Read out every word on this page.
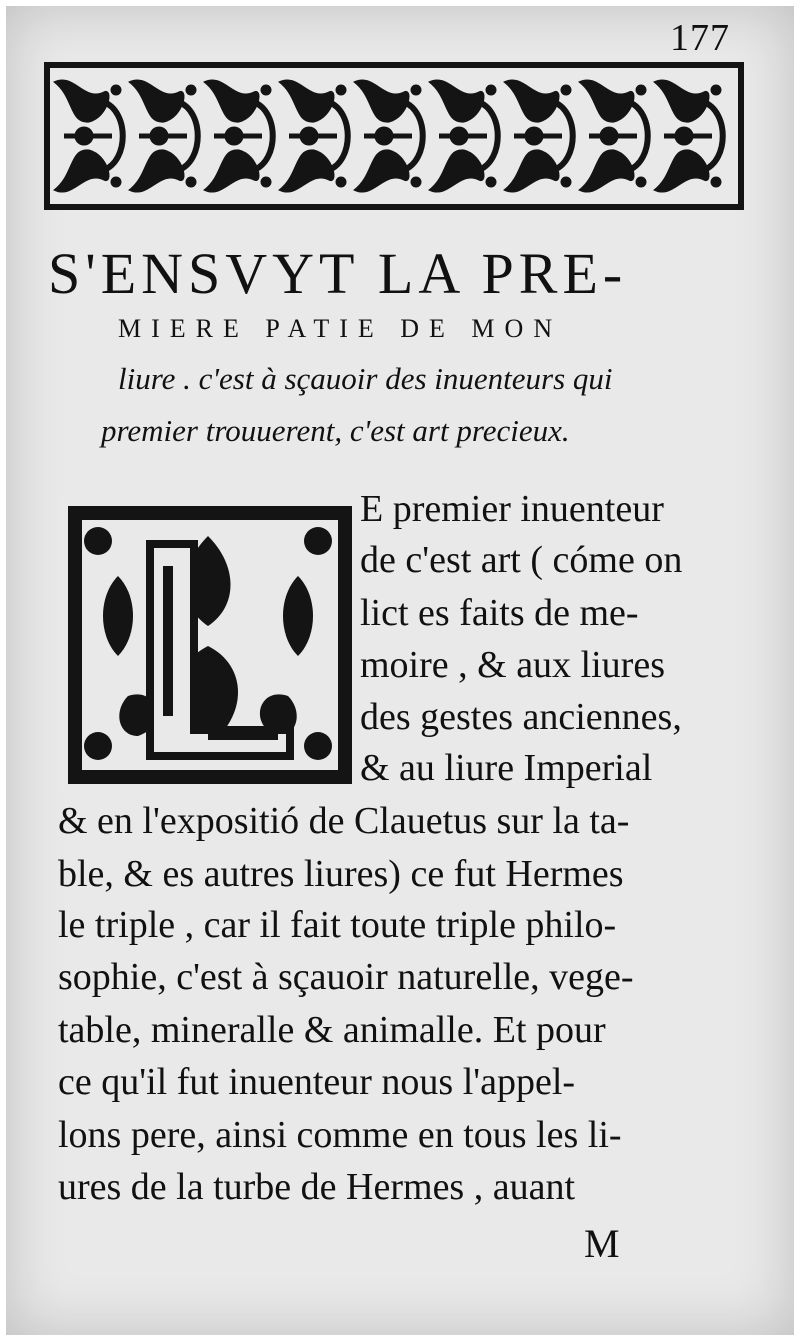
177
S'ENSVYT LA PRE-
MIERE PATIE DE MON
liure . c'est à sçauoir des inuenteurs qui
premier trouuerent, c'est art precieux.
E premier inuenteur
de c'est art ( cóme on
lict es faits de me-
moire , & aux liures
des gestes anciennes,
& au liure Imperial
& en l'expositió de Clauetus sur la ta-
ble, & es autres liures) ce fut Hermes
le triple , car il fait toute triple philo-
sophie, c'est à sçauoir naturelle, vege-
table, mineralle & animalle. Et pour
ce qu'il fut inuenteur nous l'appel-
lons pere, ainsi comme en tous les li-
ures de la turbe de Hermes , auant
M
